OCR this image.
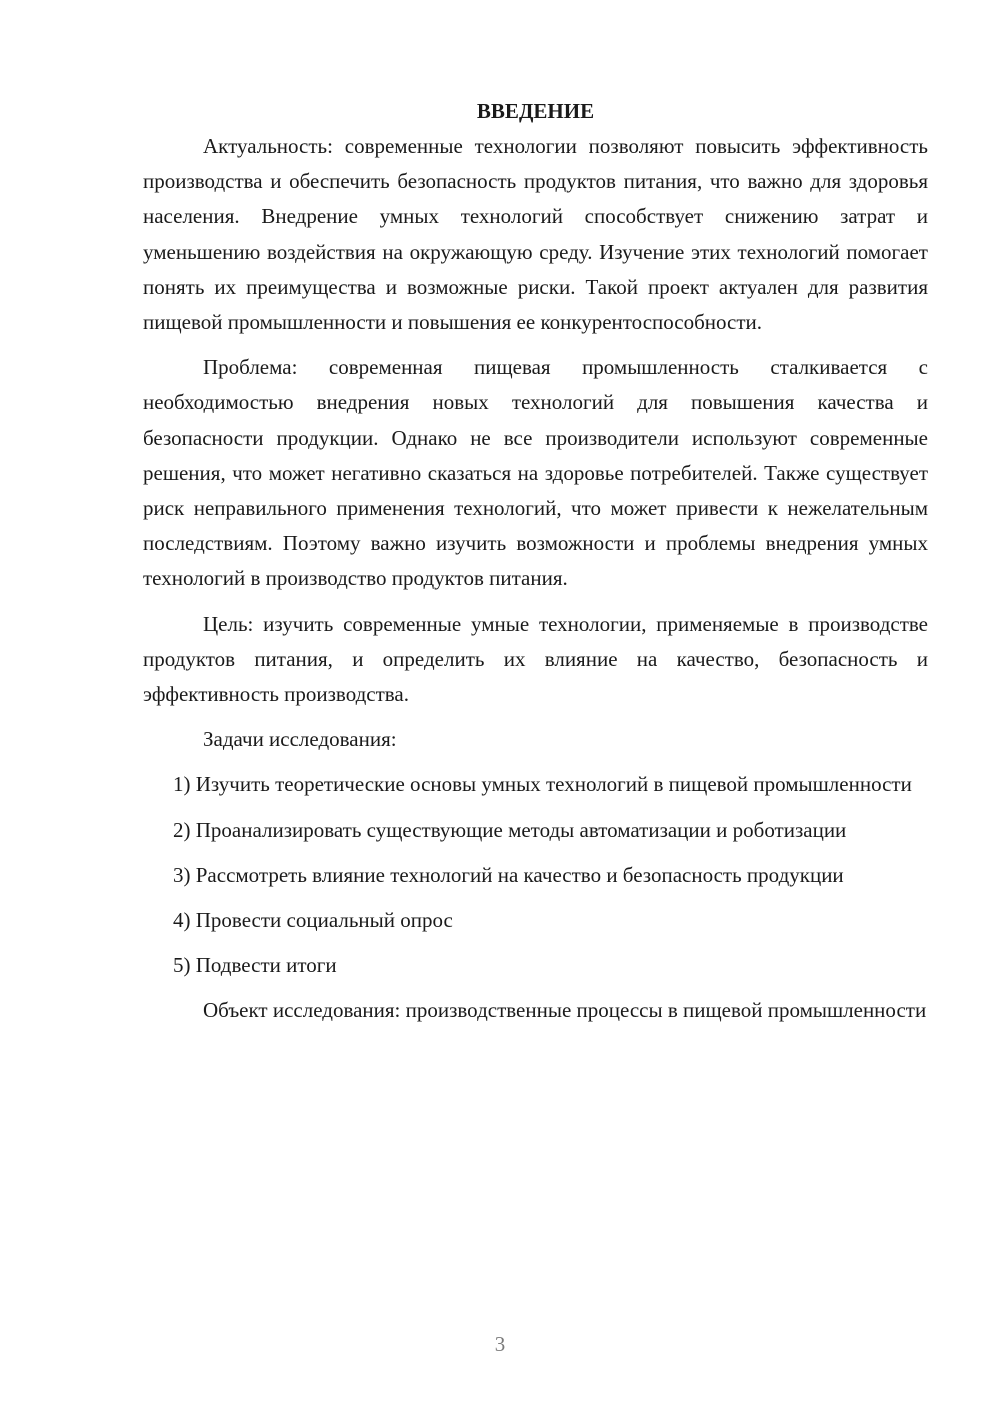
ВВЕДЕНИЕ

Актуальность: современные технологии позволяют повысить эффективность производства и обеспечить безопасность продуктов питания, что важно для здоровья населения. Внедрение умных технологий способствует снижению затрат и уменьшению воздействия на окружающую среду. Изучение этих технологий помогает понять их преимущества и возможные риски. Такой проект актуален для развития пищевой промышленности и повышения ее конкурентоспособности.

Проблема: современная пищевая промышленность сталкивается с необходимостью внедрения новых технологий для повышения качества и безопасности продукции. Однако не все производители используют современные решения, что может негативно сказаться на здоровье потребителей. Также существует риск неправильного применения технологий, что может привести к нежелательным последствиям. Поэтому важно изучить возможности и проблемы внедрения умных технологий в производство продуктов питания.

Цель: изучить современные умные технологии, применяемые в производстве продуктов питания, и определить их влияние на качество, безопасность и эффективность производства.

Задачи исследования:

1) Изучить теоретические основы умных технологий в пищевой промышленности

2) Проанализировать существующие методы автоматизации и роботизации

3) Рассмотреть влияние технологий на качество и безопасность продукции

4) Провести социальный опрос

5) Подвести итоги

Объект исследования: производственные процессы в пищевой промышленности

3
